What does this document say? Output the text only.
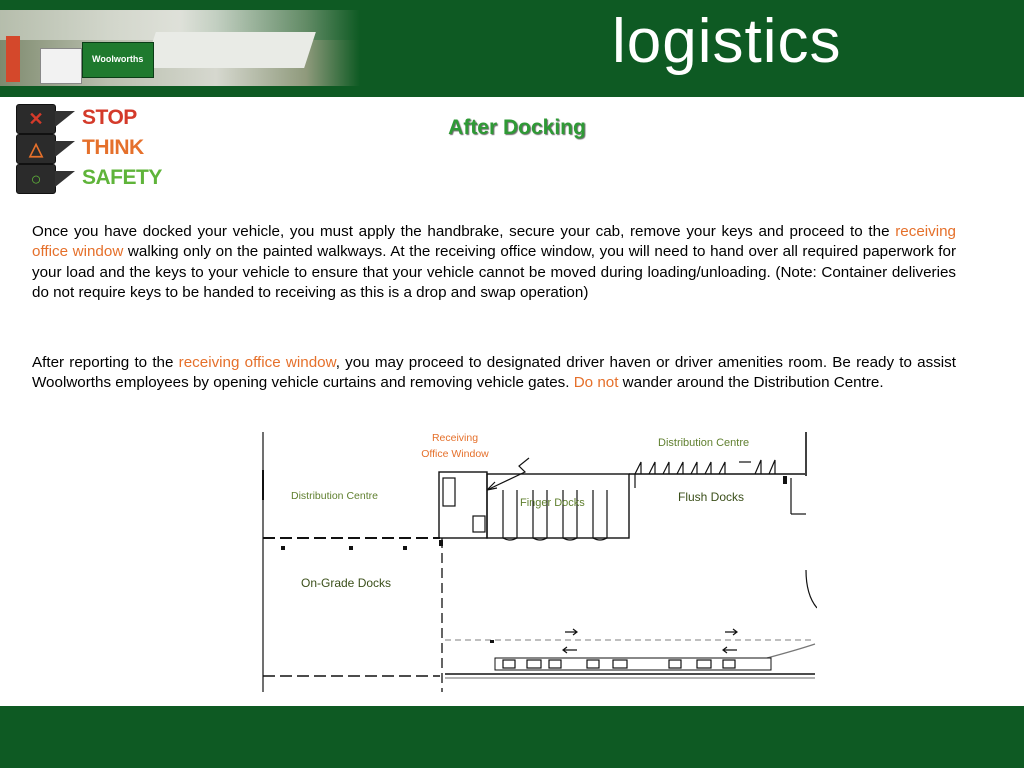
Woolworths	logistics
✕
△
○
STOP
THINK
SAFETY
After Docking
Once you have docked your vehicle, you must apply the handbrake, secure your cab, remove your keys and proceed to the receiving office window walking only on the painted walkways. At the receiving office window, you will need to hand over all required paperwork for your load and the keys to your vehicle to ensure that your vehicle cannot be moved during loading/unloading. (Note: Container deliveries do not require keys to be handed to receiving as this is a drop and swap operation)
After reporting to the receiving office window, you may proceed to designated driver haven or driver amenities room. Be ready to assist Woolworths employees by opening vehicle curtains and removing vehicle gates. Do not wander around the Distribution Centre.
Receiving
Office Window
Distribution Centre
Distribution Centre
Finger Docks	Flush Docks
On-Grade Docks
